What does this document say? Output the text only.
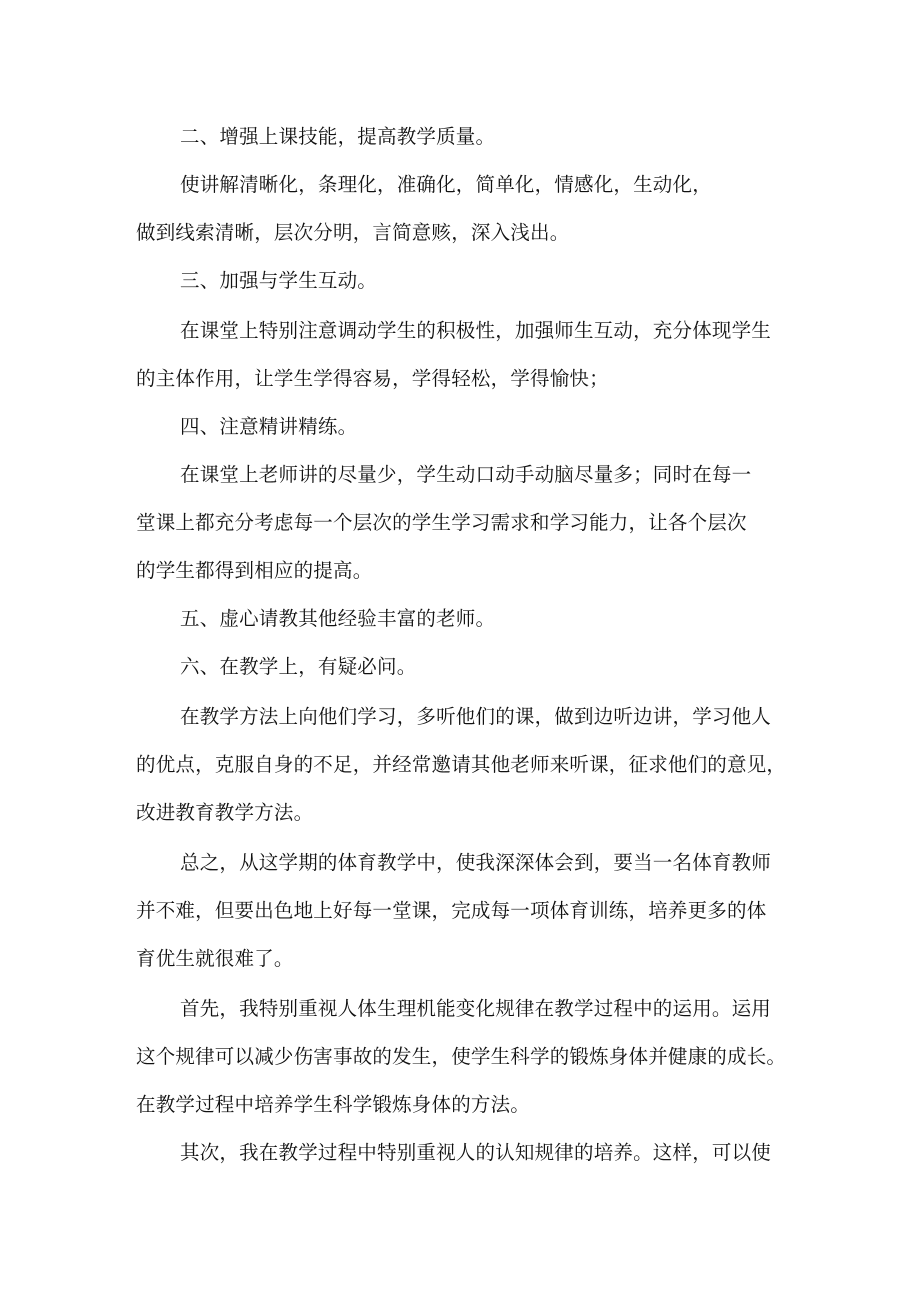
二、增强上课技能，提高教学质量。

使讲解清晰化，条理化，准确化，简单化，情感化，生动化，

做到线索清晰，层次分明，言简意赅，深入浅出。

三、加强与学生互动。

在课堂上特别注意调动学生的积极性，加强师生互动，充分体现学生

的主体作用，让学生学得容易，学得轻松，学得愉快；

四、注意精讲精练。

在课堂上老师讲的尽量少，学生动口动手动脑尽量多；同时在每一

堂课上都充分考虑每一个层次的学生学习需求和学习能力，让各个层次

的学生都得到相应的提高。

五、虚心请教其他经验丰富的老师。

六、在教学上，有疑必问。

在教学方法上向他们学习，多听他们的课，做到边听边讲，学习他人

的优点，克服自身的不足，并经常邀请其他老师来听课，征求他们的意见，

改进教育教学方法。

总之，从这学期的体育教学中，使我深深体会到，要当一名体育教师

并不难，但要出色地上好每一堂课，完成每一项体育训练，培养更多的体

育优生就很难了。

首先，我特别重视人体生理机能变化规律在教学过程中的运用。运用

这个规律可以减少伤害事故的发生，使学生科学的锻炼身体并健康的成长。

在教学过程中培养学生科学锻炼身体的方法。

其次，我在教学过程中特别重视人的认知规律的培养。这样，可以使
